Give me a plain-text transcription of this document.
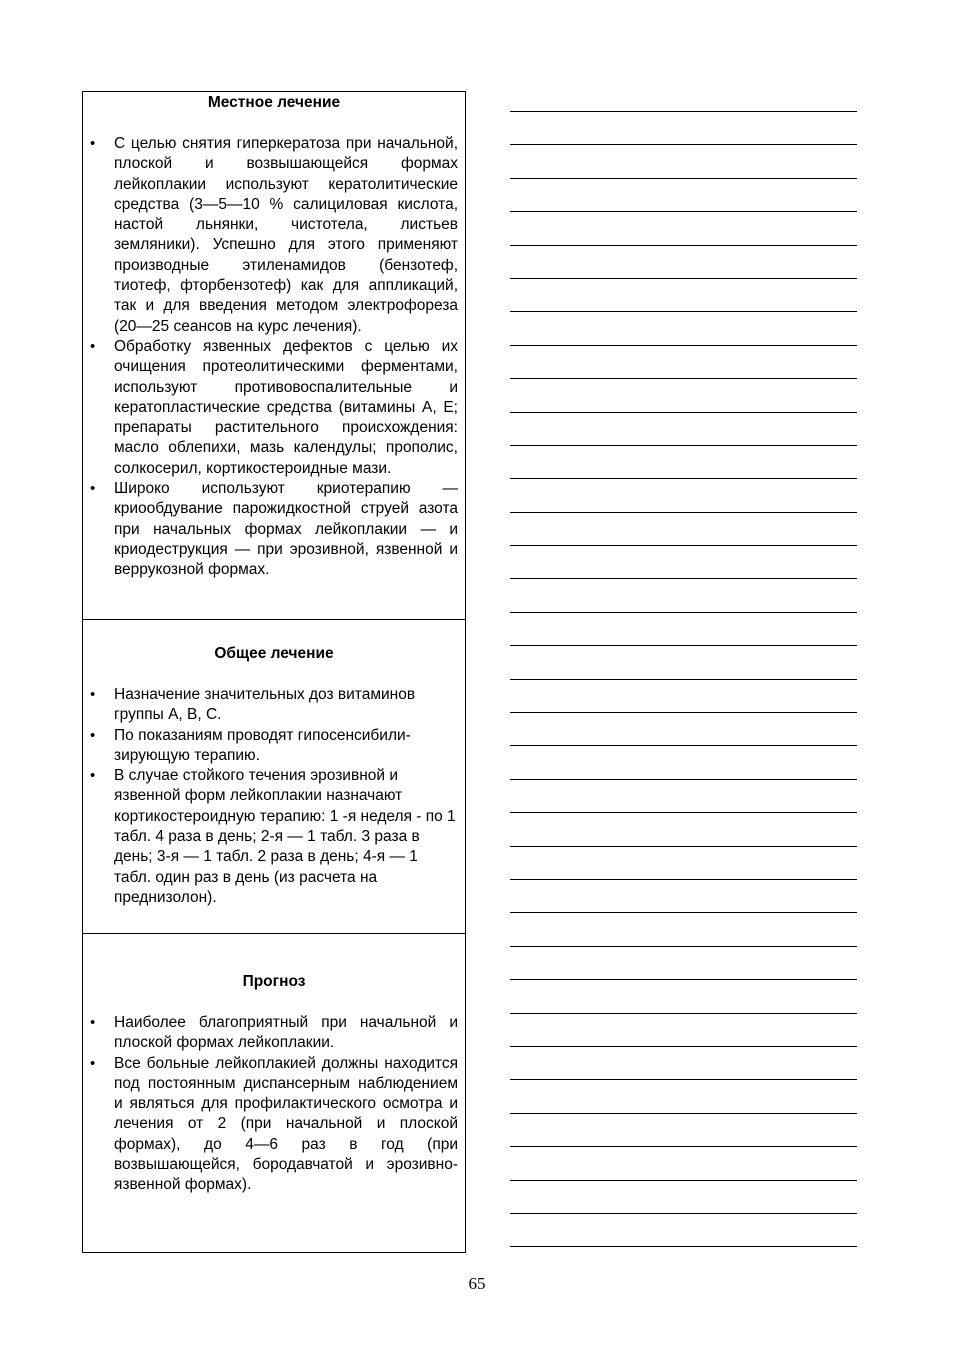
Местное лечение

• С целью снятия гиперкератоза при начальной, плоской и возвышающейся формах лейкоплакии используют кератолитические средства (3—5—10 % салициловая кислота, настой льнянки, чистотела, листьев земляники). Успешно для этого применяют производные этиленамидов (бензотеф, тиотеф, фторбензотеф) как для аппликаций, так и для введения методом электрофореза (20—25 сеансов на курс лечения).
• Обработку язвенных дефектов с целью их очищения протеолитическими ферментами, используют противовоспалительные и кератопластические средства (витамины А, Е; препараты растительного происхождения: масло облепихи, мазь календулы; прополис, солкосерил, кортикостероидные мази.
• Широко используют криотерапию — криообдувание парожидкостной струей азота при начальных формах лейкоплакии — и криодеструкция — при эрозивной, язвенной и веррукозной формах.

Общее лечение

• Назначение значительных доз витаминов группы А, В, С.
• По показаниям проводят гипосенсибилизирующую терапию.
• В случае стойкого течения эрозивной и язвенной форм лейкоплакии назначают кортикостероидную терапию: 1 -я неделя - по 1 табл. 4 раза в день; 2-я — 1 табл. 3 раза в день; 3-я — 1 табл. 2 раза в день; 4-я — 1 табл. один раз в день (из расчета на преднизолон).

Прогноз

• Наиболее благоприятный при начальной и плоской формах лейкоплакии.
• Все больные лейкоплакией должны находится под постоянным диспансерным наблюдением и являться для профилактического осмотра и лечения от 2 (при начальной и плоской формах), до 4—6 раз в год (при возвышающейся, бородавчатой и эрозивно-язвенной формах).
65
